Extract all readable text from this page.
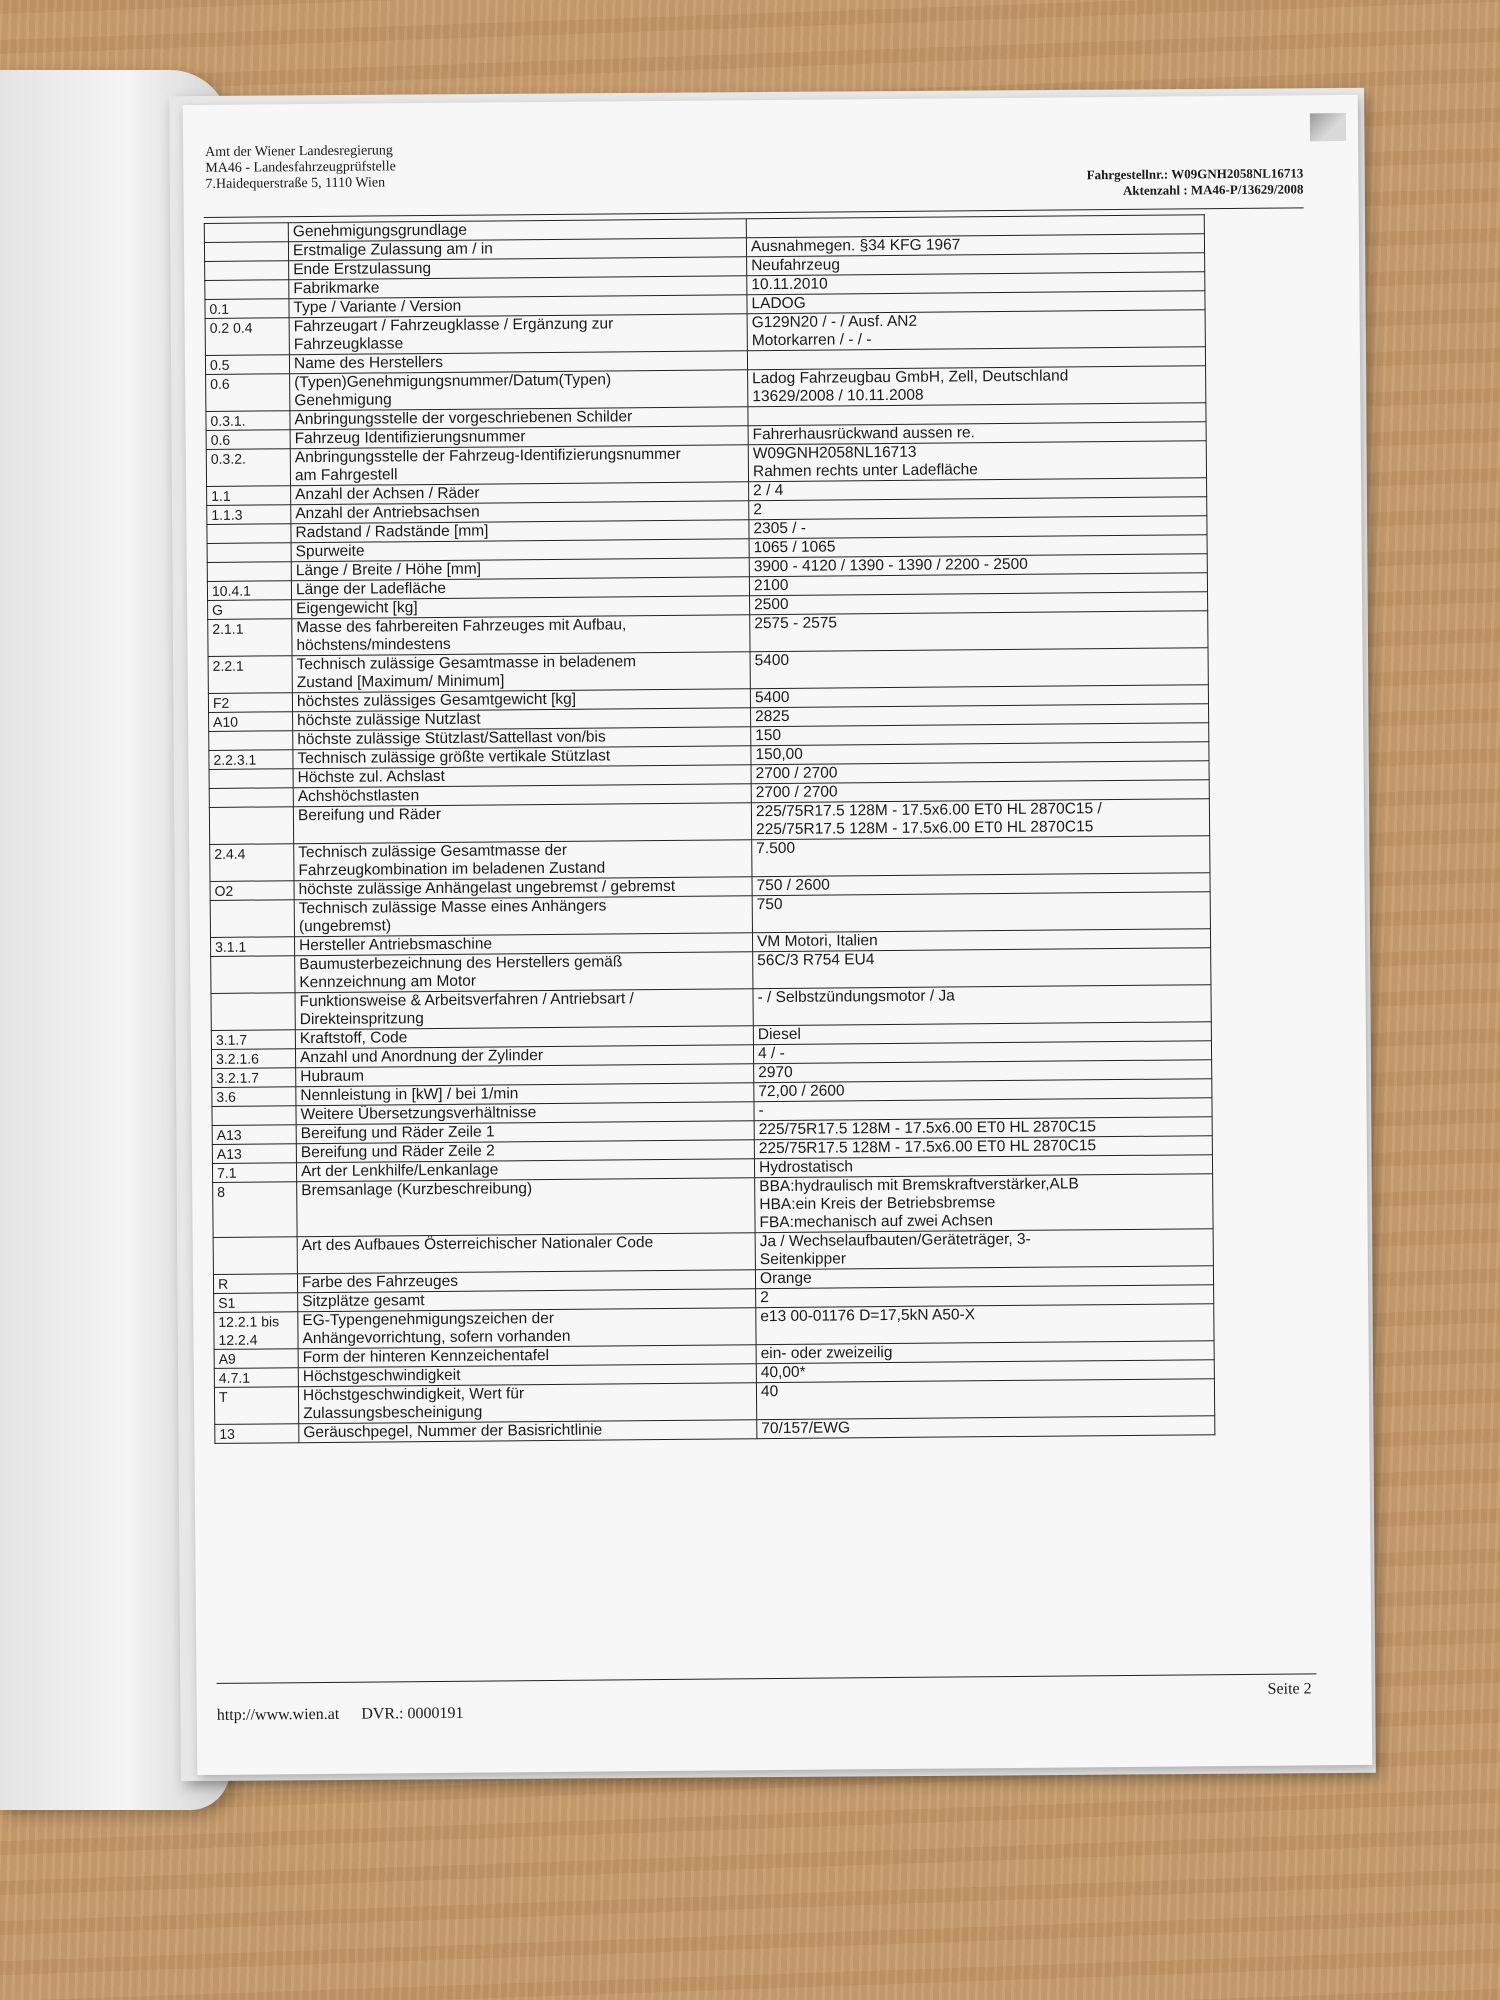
Amt der Wiener Landesregierung
MA46 - Landesfahrzeugprüfstelle
7.Haidequerstraße 5, 1110 Wien
Fahrgestellnr.: W09GNH2058NL16713
Aktenzahl : MA46-P/13629/2008
	Genehmigungsgrundlage	
	Erstmalige Zulassung am / in	Ausnahmegen. §34 KFG 1967
	Ende Erstzulassung	Neufahrzeug
	Fabrikmarke	10.11.2010
0.1	Type / Variante / Version	LADOG
0.2 0.4	Fahrzeugart / Fahrzeugklasse / Ergänzung zur
Fahrzeugklasse	G129N20 / - / Ausf. AN2
Motorkarren / - / -
0.5	Name des Herstellers	
0.6	(Typen)Genehmigungsnummer/Datum(Typen)
Genehmigung	Ladog Fahrzeugbau GmbH, Zell, Deutschland
13629/2008 / 10.11.2008
0.3.1.	Anbringungsstelle der vorgeschriebenen Schilder	
0.6	Fahrzeug Identifizierungsnummer	Fahrerhausrückwand aussen re.
0.3.2.	Anbringungsstelle der Fahrzeug-Identifizierungsnummer
am Fahrgestell	W09GNH2058NL16713
Rahmen rechts unter Ladefläche
1.1	Anzahl der Achsen / Räder	2 / 4
1.1.3	Anzahl der Antriebsachsen	2
	Radstand / Radstände [mm]	2305 / -
	Spurweite	1065 / 1065
	Länge / Breite / Höhe [mm]	3900 - 4120 / 1390 - 1390 / 2200 - 2500
10.4.1	Länge der Ladefläche	2100
G	Eigengewicht [kg]	2500
2.1.1	Masse des fahrbereiten Fahrzeuges mit Aufbau,
höchstens/mindestens	2575 - 2575
2.2.1	Technisch zulässige Gesamtmasse in beladenem
Zustand [Maximum/ Minimum]	5400
F2	höchstes zulässiges Gesamtgewicht [kg]	5400
A10	höchste zulässige Nutzlast	2825
	höchste zulässige Stützlast/Sattellast von/bis	150
2.2.3.1	Technisch zulässige größte vertikale Stützlast	150,00
	Höchste zul. Achslast	2700 / 2700
	Achshöchstlasten	2700 / 2700
	Bereifung und Räder	225/75R17.5 128M - 17.5x6.00 ET0 HL 2870C15 /
225/75R17.5 128M - 17.5x6.00 ET0 HL 2870C15
2.4.4	Technisch zulässige Gesamtmasse der
Fahrzeugkombination im beladenen Zustand	7.500
O2	höchste zulässige Anhängelast ungebremst / gebremst	750 / 2600
	Technisch zulässige Masse eines Anhängers
(ungebremst)	750
3.1.1	Hersteller Antriebsmaschine	VM Motori, Italien
	Baumusterbezeichnung des Herstellers gemäß
Kennzeichnung am Motor	56C/3 R754 EU4
	Funktionsweise & Arbeitsverfahren / Antriebsart /
Direkteinspritzung	- / Selbstzündungsmotor / Ja
3.1.7	Kraftstoff, Code	Diesel
3.2.1.6	Anzahl und Anordnung der Zylinder	4 / -
3.2.1.7	Hubraum	2970
3.6	Nennleistung in [kW] / bei 1/min	72,00 / 2600
	Weitere Übersetzungsverhältnisse	-
A13	Bereifung und Räder Zeile 1	225/75R17.5 128M - 17.5x6.00 ET0 HL 2870C15
A13	Bereifung und Räder Zeile 2	225/75R17.5 128M - 17.5x6.00 ET0 HL 2870C15
7.1	Art der Lenkhilfe/Lenkanlage	Hydrostatisch
8	Bremsanlage (Kurzbeschreibung)	BBA:hydraulisch mit Bremskraftverstärker,ALB
HBA:ein Kreis der Betriebsbremse
FBA:mechanisch auf zwei Achsen
	Art des Aufbaues Österreichischer Nationaler Code	Ja / Wechselaufbauten/Geräteträger, 3-
Seitenkipper
R	Farbe des Fahrzeuges	Orange
S1	Sitzplätze gesamt	2
12.2.1 bis 12.2.4	EG-Typengenehmigungszeichen der
Anhängevorrichtung, sofern vorhanden	e13 00-01176 D=17,5kN A50-X
A9	Form der hinteren Kennzeichentafel	ein- oder zweizeilig
4.7.1	Höchstgeschwindigkeit	40,00*
T	Höchstgeschwindigkeit, Wert für
Zulassungsbescheinigung	40
13	Geräuschpegel, Nummer der Basisrichtlinie	70/157/EWG
Seite 2
http://www.wien.at DVR.: 0000191
